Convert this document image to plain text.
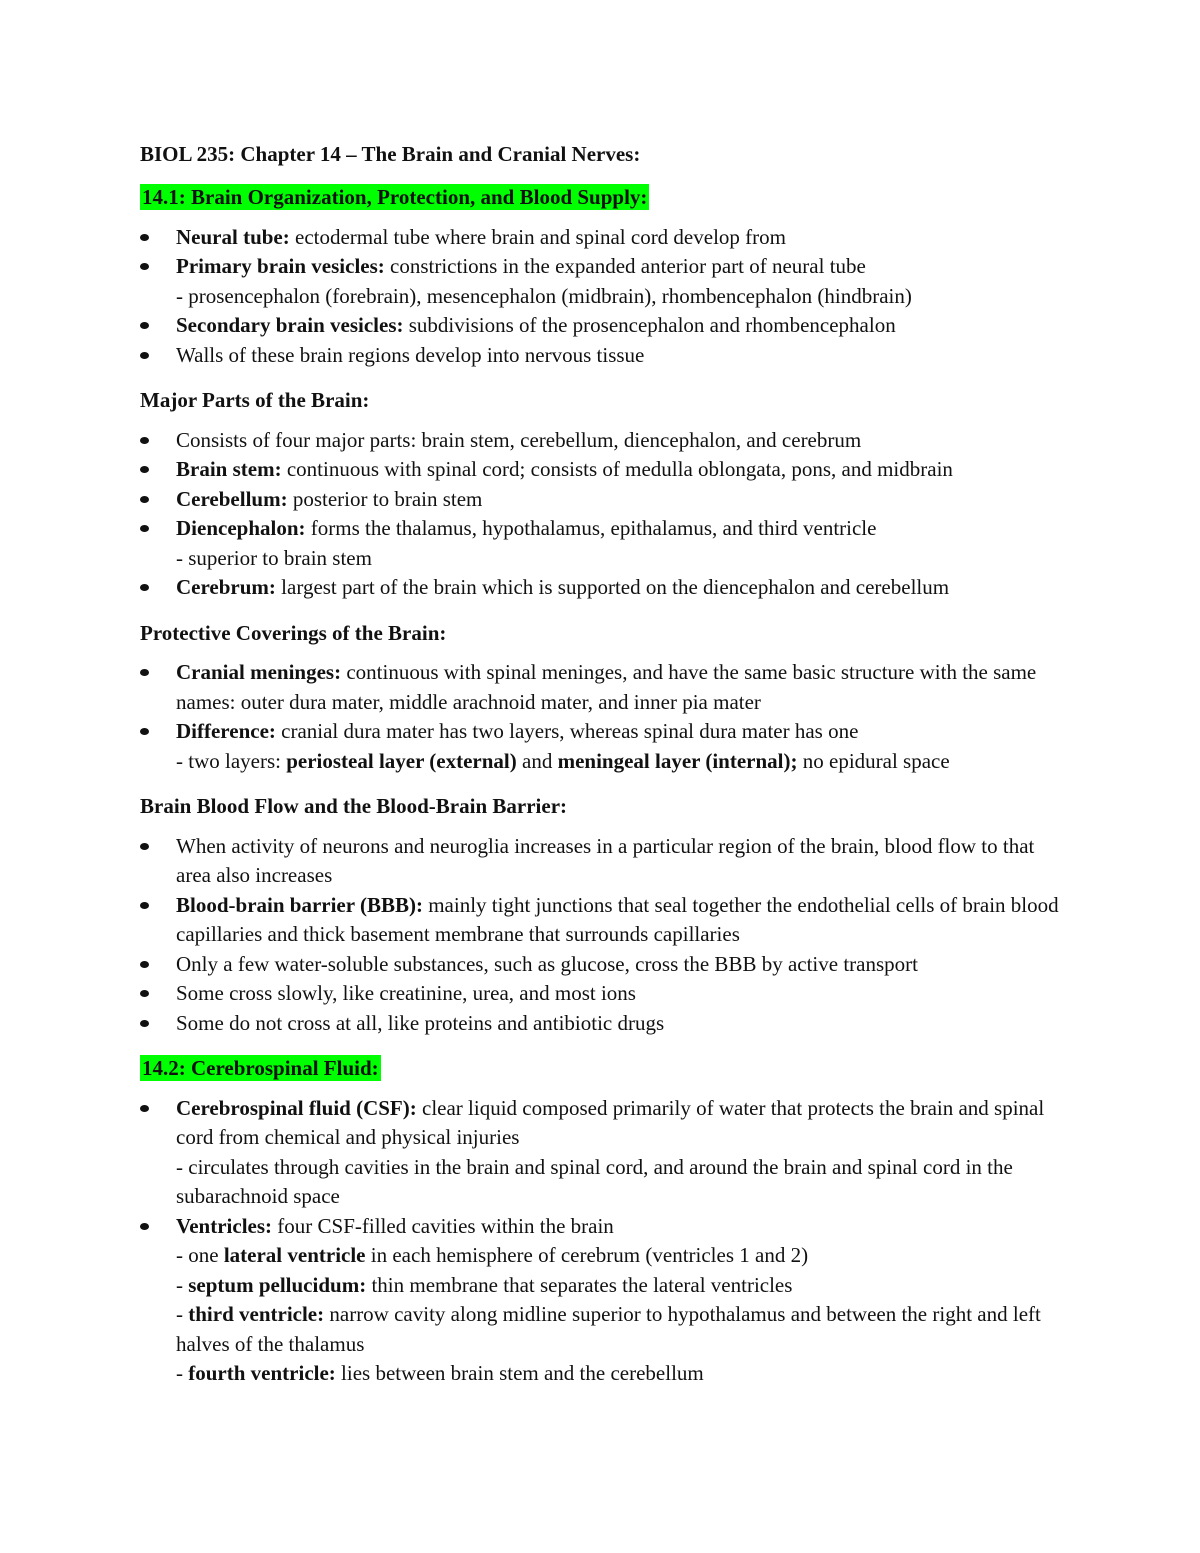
BIOL 235: Chapter 14 – The Brain and Cranial Nerves:

14.1: Brain Organization, Protection, and Blood Supply:

Neural tube: ectodermal tube where brain and spinal cord develop from
Primary brain vesicles: constrictions in the expanded anterior part of neural tube
- prosencephalon (forebrain), mesencephalon (midbrain), rhombencephalon (hindbrain)
Secondary brain vesicles: subdivisions of the prosencephalon and rhombencephalon
Walls of these brain regions develop into nervous tissue

Major Parts of the Brain:

Consists of four major parts: brain stem, cerebellum, diencephalon, and cerebrum
Brain stem: continuous with spinal cord; consists of medulla oblongata, pons, and midbrain
Cerebellum: posterior to brain stem
Diencephalon: forms the thalamus, hypothalamus, epithalamus, and third ventricle
- superior to brain stem
Cerebrum: largest part of the brain which is supported on the diencephalon and cerebellum

Protective Coverings of the Brain:

Cranial meninges: continuous with spinal meninges, and have the same basic structure with the same names: outer dura mater, middle arachnoid mater, and inner pia mater
Difference: cranial dura mater has two layers, whereas spinal dura mater has one
- two layers: periosteal layer (external) and meningeal layer (internal); no epidural space

Brain Blood Flow and the Blood-Brain Barrier:

When activity of neurons and neuroglia increases in a particular region of the brain, blood flow to that area also increases
Blood-brain barrier (BBB): mainly tight junctions that seal together the endothelial cells of brain blood capillaries and thick basement membrane that surrounds capillaries
Only a few water-soluble substances, such as glucose, cross the BBB by active transport
Some cross slowly, like creatinine, urea, and most ions
Some do not cross at all, like proteins and antibiotic drugs

14.2: Cerebrospinal Fluid:

Cerebrospinal fluid (CSF): clear liquid composed primarily of water that protects the brain and spinal cord from chemical and physical injuries
- circulates through cavities in the brain and spinal cord, and around the brain and spinal cord in the subarachnoid space
Ventricles: four CSF-filled cavities within the brain
- one lateral ventricle in each hemisphere of cerebrum (ventricles 1 and 2)
- septum pellucidum: thin membrane that separates the lateral ventricles
- third ventricle: narrow cavity along midline superior to hypothalamus and between the right and left halves of the thalamus
- fourth ventricle: lies between brain stem and the cerebellum
